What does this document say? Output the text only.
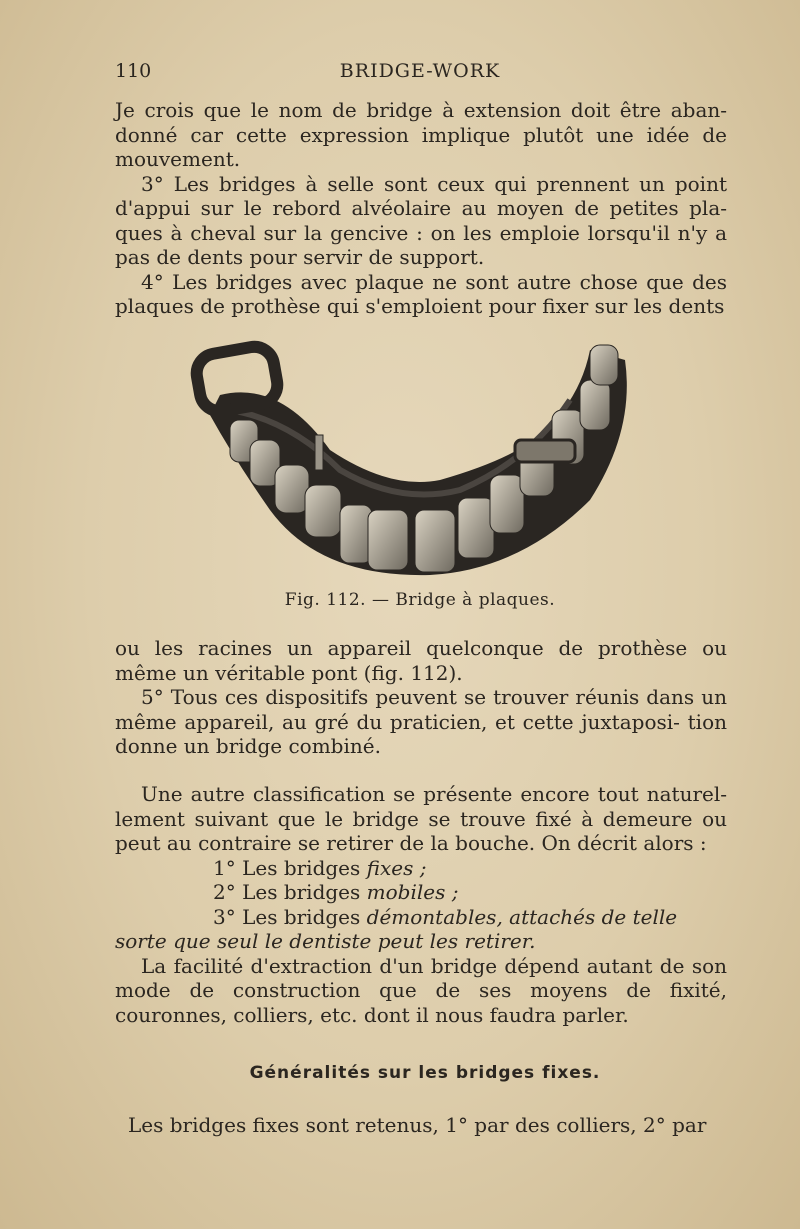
110	BRIDGE-WORK

Je crois que le nom de bridge à extension doit être aban- donné car cette expression implique plutôt une idée de mouvement.

3° Les bridges à selle sont ceux qui prennent un point d'appui sur le rebord alvéolaire au moyen de petites pla- ques à cheval sur la gencive : on les emploie lorsqu'il n'y a pas de dents pour servir de support.

4° Les bridges avec plaque ne sont autre chose que des plaques de prothèse qui s'emploient pour fixer sur les dents

Fig. 112. — Bridge à plaques.

ou les racines un appareil quelconque de prothèse ou même un véritable pont (fig. 112).

5° Tous ces dispositifs peuvent se trouver réunis dans un même appareil, au gré du praticien, et cette juxtaposi- tion donne un bridge combiné.

Une autre classification se présente encore tout naturel- lement suivant que le bridge se trouve fixé à demeure ou peut au contraire se retirer de la bouche. On décrit alors :

1° Les bridges fixes ;

2° Les bridges mobiles ;

3° Les bridges démontables, attachés de telle

sorte que seul le dentiste peut les retirer.

La facilité d'extraction d'un bridge dépend autant de son mode de construction que de ses moyens de fixité, couronnes, colliers, etc. dont il nous faudra parler.

Généralités sur les bridges fixes.
Les bridges fixes sont retenus, 1° par des colliers, 2° par
